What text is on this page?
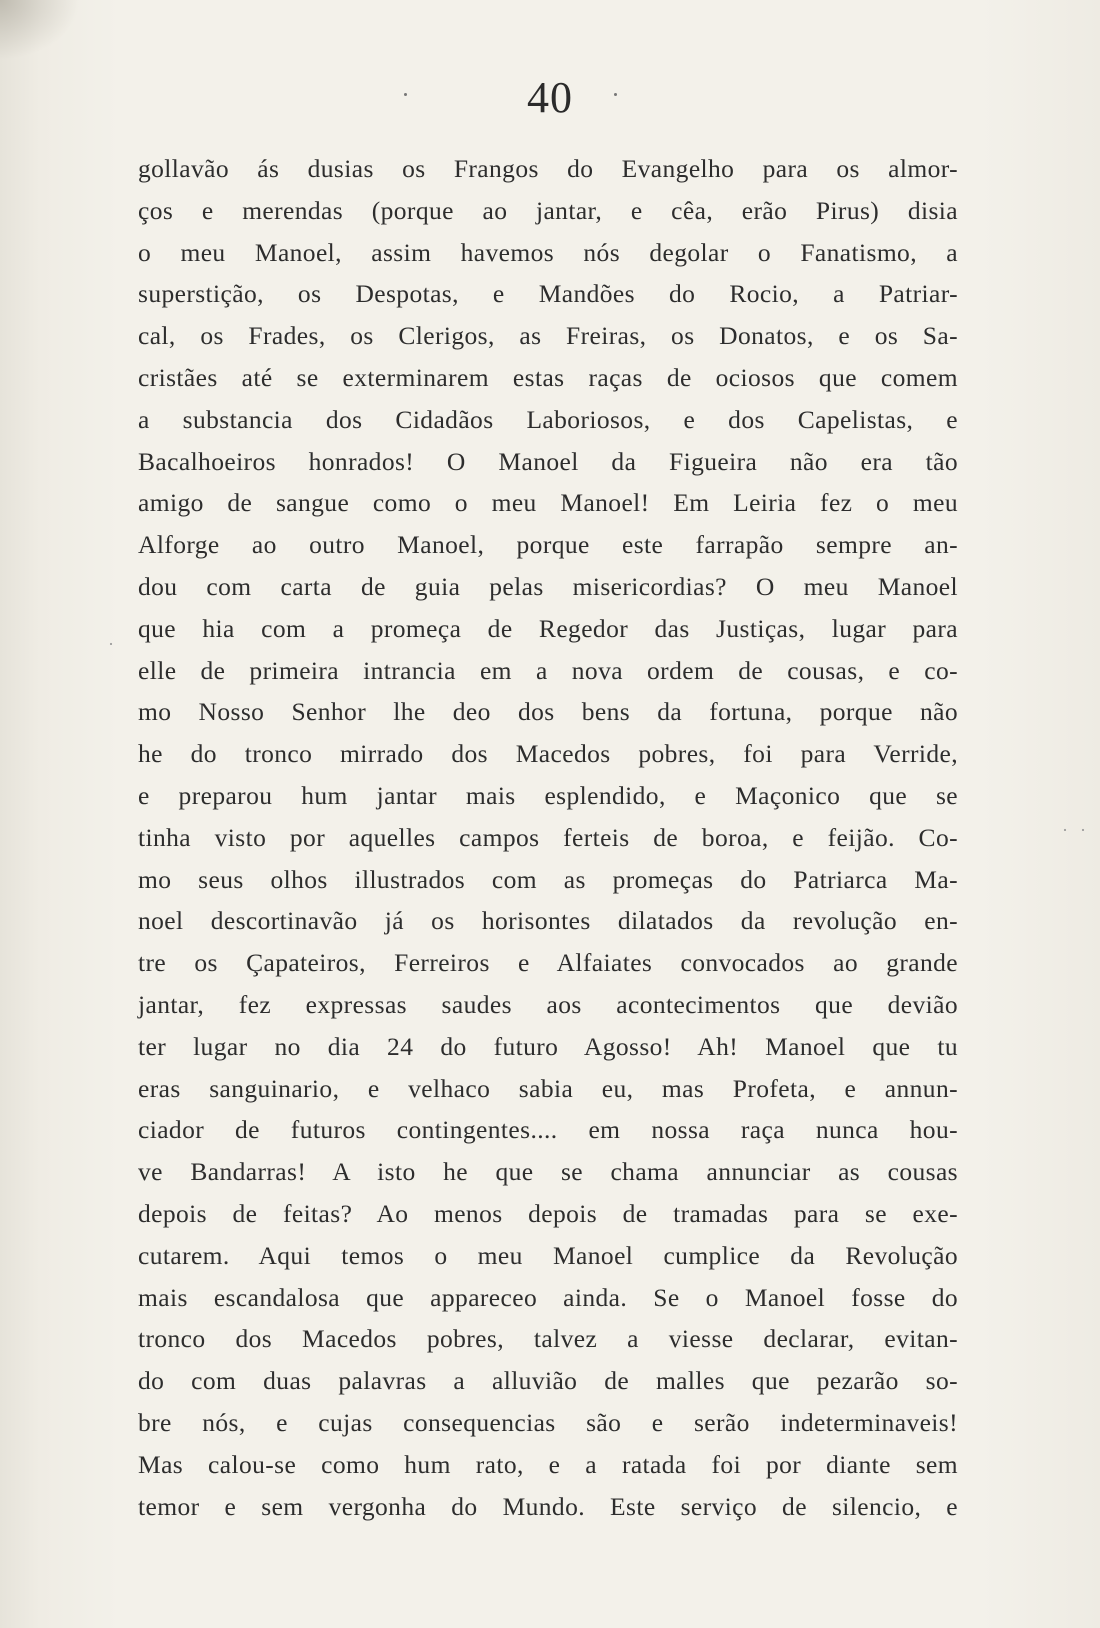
40
gollavão ás dusias os Frangos do Evangelho para os almor-
ços e merendas (porque ao jantar, e cêa, erão Pirus) disia
o meu Manoel, assim havemos nós degolar o Fanatismo, a
superstição, os Despotas, e Mandões do Rocio, a Patriar-
cal, os Frades, os Clerigos, as Freiras, os Donatos, e os Sa-
cristães até se exterminarem estas raças de ociosos que comem
a substancia dos Cidadãos Laboriosos, e dos Capelistas, e
Bacalhoeiros honrados! O Manoel da Figueira não era tão
amigo de sangue como o meu Manoel! Em Leiria fez o meu
Alforge ao outro Manoel, porque este farrapão sempre an-
dou com carta de guia pelas misericordias? O meu Manoel
que hia com a promeça de Regedor das Justiças, lugar para
elle de primeira intrancia em a nova ordem de cousas, e co-
mo Nosso Senhor lhe deo dos bens da fortuna, porque não
he do tronco mirrado dos Macedos pobres, foi para Verride,
e preparou hum jantar mais esplendido, e Maçonico que se
tinha visto por aquelles campos ferteis de boroa, e feijão. Co-
mo seus olhos illustrados com as promeças do Patriarca Ma-
noel descortinavão já os horisontes dilatados da revolução en-
tre os Çapateiros, Ferreiros e Alfaiates convocados ao grande
jantar, fez expressas saudes aos acontecimentos que devião
ter lugar no dia 24 do futuro Agosso! Ah! Manoel que tu
eras sanguinario, e velhaco sabia eu, mas Profeta, e annun-
ciador de futuros contingentes.... em nossa raça nunca hou-
ve Bandarras! A isto he que se chama annunciar as cousas
depois de feitas? Ao menos depois de tramadas para se exe-
cutarem. Aqui temos o meu Manoel cumplice da Revolução
mais escandalosa que appareceo ainda. Se o Manoel fosse do
tronco dos Macedos pobres, talvez a viesse declarar, evitan-
do com duas palavras a alluvião de malles que pezarão so-
bre nós, e cujas consequencias são e serão indeterminaveis!
Mas calou-se como hum rato, e a ratada foi por diante sem
temor e sem vergonha do Mundo. Este serviço de silencio, e
· ·
·
